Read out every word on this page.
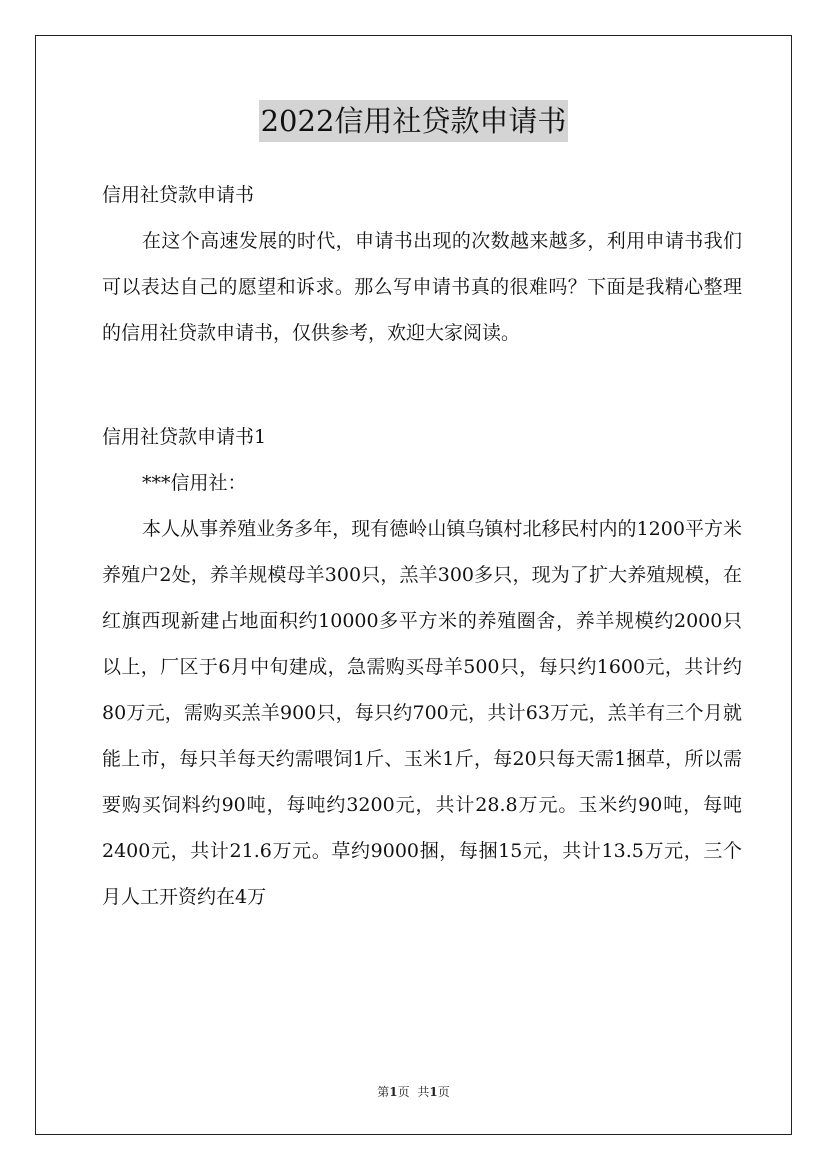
2022信用社贷款申请书

信用社贷款申请书

在这个高速发展的时代，申请书出现的次数越来越多，利用申请书我们可以表达自己的愿望和诉求。那么写申请书真的很难吗？下面是我精心整理的信用社贷款申请书，仅供参考，欢迎大家阅读。

信用社贷款申请书1

***信用社：

本人从事养殖业务多年，现有德岭山镇乌镇村北移民村内的1200平方米养殖户2处，养羊规模母羊300只，羔羊300多只，现为了扩大养殖规模，在红旗西现新建占地面积约10000多平方米的养殖圈舍，养羊规模约2000只以上，厂区于6月中旬建成，急需购买母羊500只，每只约1600元，共计约80万元，需购买羔羊900只，每只约700元，共计63万元，羔羊有三个月就能上市，每只羊每天约需喂饲1斤、玉米1斤，每20只每天需1捆草，所以需要购买饲料约90吨，每吨约3200元，共计28.8万元。玉米约90吨，每吨2400元，共计21.6万元。草约9000捆，每捆15元，共计13.5万元，三个月人工开资约在4万

第1页 共1页
